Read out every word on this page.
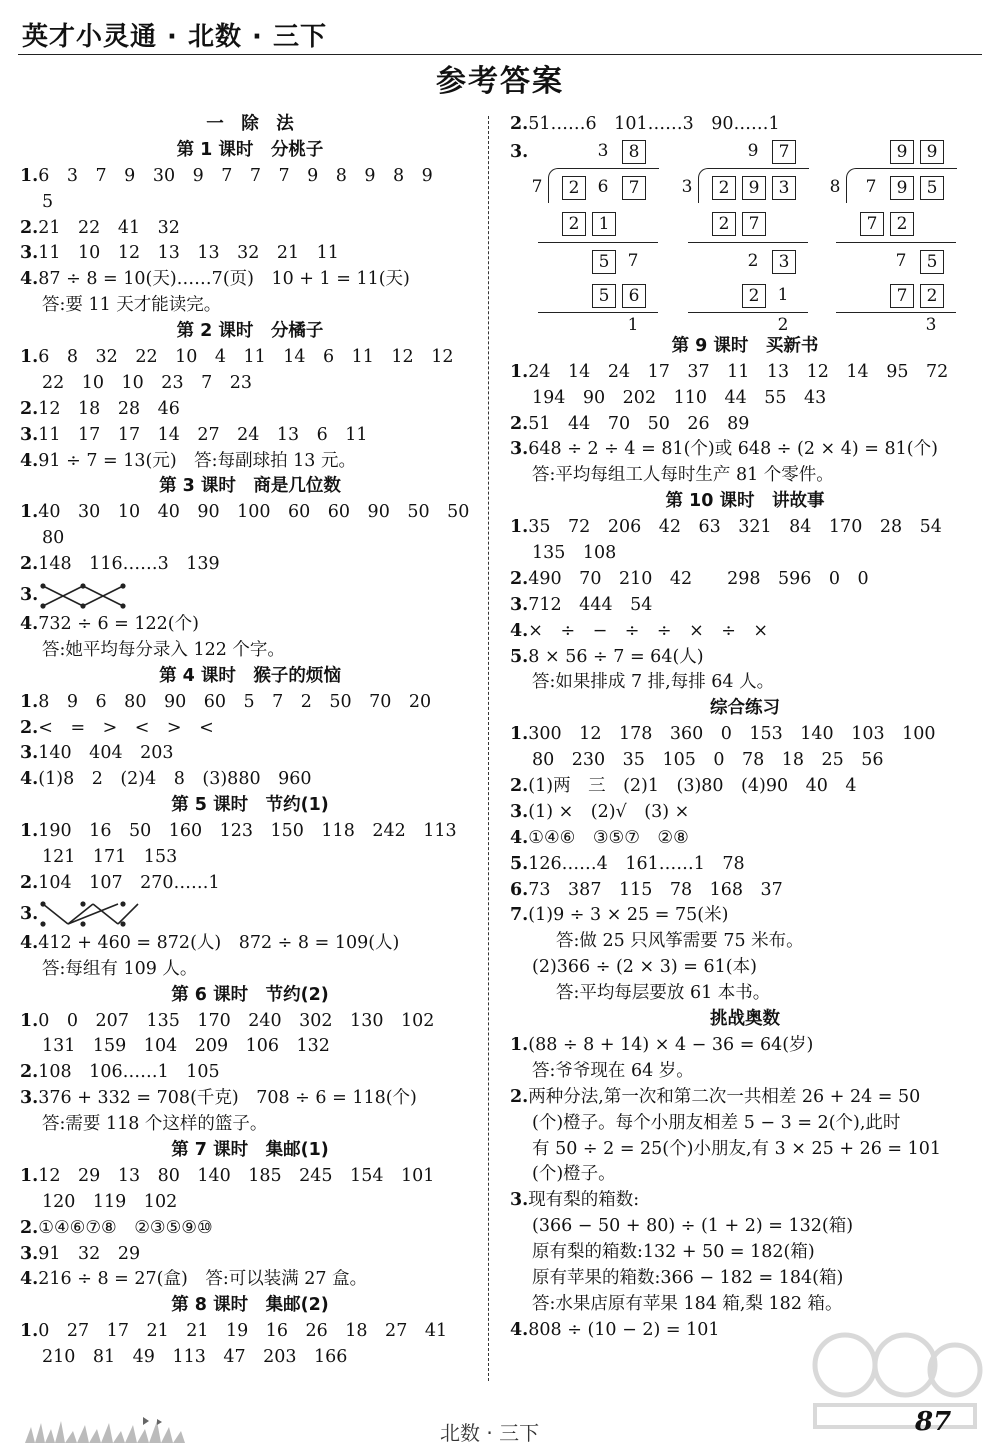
英才小灵通 · 北数 · 三下
参考答案
一　除　法
第 1 课时　分桃子
1.6　3　7　9　30　9　7　7　7　9　8　9　8　9
5
2.21　22　41　32
3.11　10　12　13　13　32　21　11
4.87 ÷ 8 = 10(天)……7(页)　10 + 1 = 11(天)
答:要 11 天才能读完。
第 2 课时　分橘子
1.6　8　32　22　10　4　11　14　6　11　12　12
22　10　10　23　7　23
2.12　18　28　46
3.11　17　17　14　27　24　13　6　11
4.91 ÷ 7 = 13(元)　答:每副球拍 13 元。
第 3 课时　商是几位数
1.40　30　10　40　90　100　60　60　90　50　50
80
2.148　116……3　139
3.
4.732 ÷ 6 = 122(个)
答:她平均每分录入 122 个字。
第 4 课时　猴子的烦恼
1.8　9　6　80　90　60　5　7　2　50　70　20
2.<　=　>　<　>　<
3.140　404　203
4.(1)8　2　(2)4　8　(3)880　960
第 5 课时　节约(1)
1.190　16　50　160　123　150　118　242　113
121　171　153
2.104　107　270……1
3.
4.412 + 460 = 872(人)　872 ÷ 8 = 109(人)
答:每组有 109 人。
第 6 课时　节约(2)
1.0　0　207　135　170　240　302　130　102
131　159　104　209　106　132
2.108　106……1　105
3.376 + 332 = 708(千克)　708 ÷ 6 = 118(个)
答:需要 118 个这样的篮子。
第 7 课时　集邮(1)
1.12　29　13　80　140　185　245　154　101
120　119　102
2.①④⑥⑦⑧　②③⑤⑨⑩
3.91　32　29
4.216 ÷ 8 = 27(盒)　答:可以装满 27 盒。
第 8 课时　集邮(2)
1.0　27　17　21　21　19　16　26　18　27　41
210　81　49　113　47　203　166
2.51……6　101……3　90……1
3.	3	8
7	2	6	7
2	1
5	7
5	6
1
9	7
3	2	9	3
2	7
2	3
2	1
2
9	9
8	7	9	5
7	2
7	5
7	2
3
第 9 课时　买新书
1.24　14　24　17　37　11　13　12　14　95　72
194　90　202　110　44　55　43
2.51　44　70　50　26　89
3.648 ÷ 2 ÷ 4 = 81(个)或 648 ÷ (2 × 4) = 81(个)
答:平均每组工人每时生产 81 个零件。
第 10 课时　讲故事
1.35　72　206　42　63　321　84　170　28　54
135　108
2.490　70　210　42　　298　596　0　0
3.712　444　54
4.×　÷　−　÷　÷　×　÷　×
5.8 × 56 ÷ 7 = 64(人)
答:如果排成 7 排,每排 64 人。
综合练习
1.300　12　178　360　0　153　140　103　100
80　230　35　105　0　78　18　25　56
2.(1)两　三　(2)1　(3)80　(4)90　40　4
3.(1) ×　(2)√　(3) ×
4.①④⑥　③⑤⑦　②⑧
5.126……4　161……1　78
6.73　387　115　78　168　37
7.(1)9 ÷ 3 × 25 = 75(米)
答:做 25 只风筝需要 75 米布。
(2)366 ÷ (2 × 3) = 61(本)
答:平均每层要放 61 本书。
挑战奥数
1.(88 ÷ 8 + 14) × 4 − 36 = 64(岁)
答:爷爷现在 64 岁。
2.两种分法,第一次和第二次一共相差 26 + 24 = 50
(个)橙子。每个小朋友相差 5 − 3 = 2(个),此时
有 50 ÷ 2 = 25(个)小朋友,有 3 × 25 + 26 = 101
(个)橙子。
3.现有梨的箱数:
(366 − 50 + 80) ÷ (1 + 2) = 132(箱)
原有梨的箱数:132 + 50 = 182(箱)
原有苹果的箱数:366 − 182 = 184(箱)
答:水果店原有苹果 184 箱,梨 182 箱。
4.808 ÷ (10 − 2) = 101
北数 · 三下	87
